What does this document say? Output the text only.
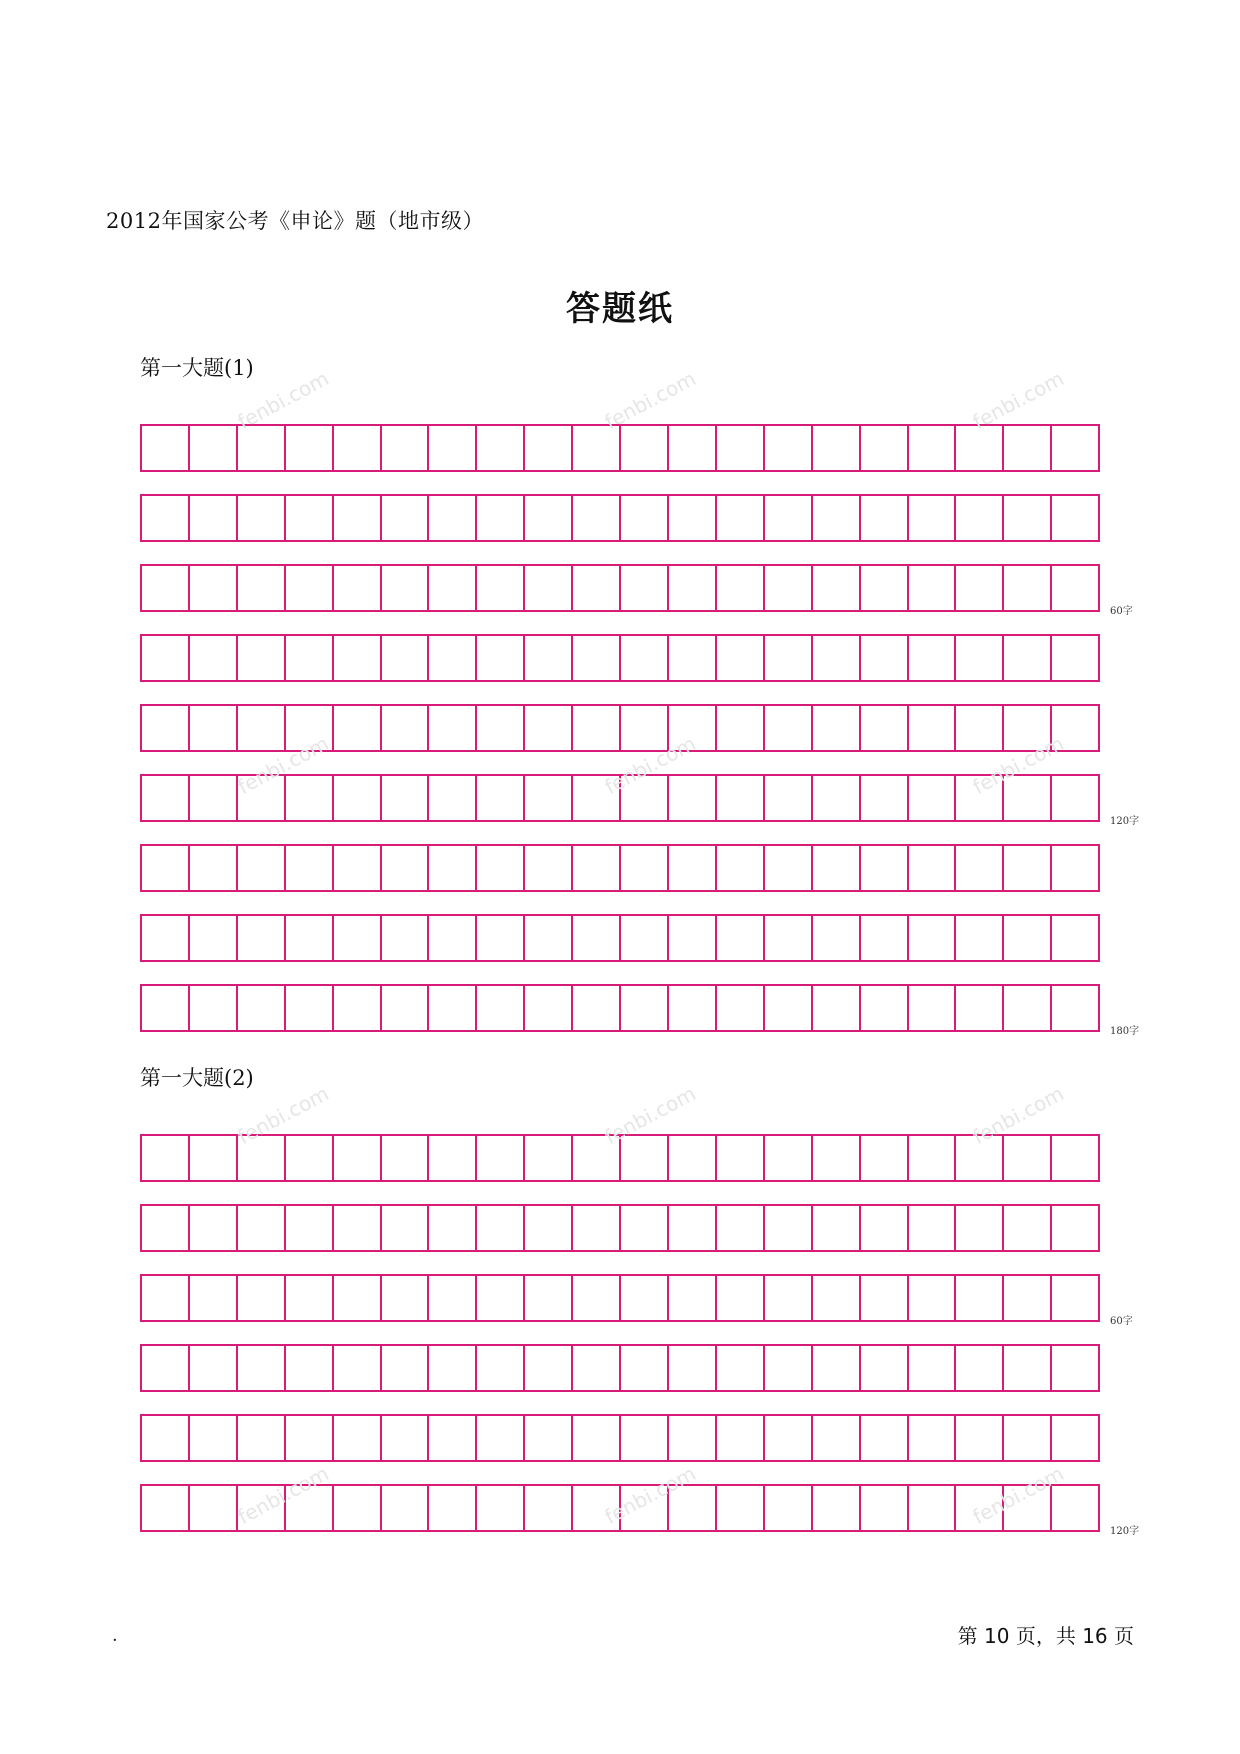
2012年国家公考《申论》题（地市级）
答题纸
第一大题(1)
60字
120字
180字
第一大题(2)
60字
120字
fenbi.com	fenbi.com	fenbi.com
fenbi.com	fenbi.com	fenbi.com
fenbi.com	fenbi.com	fenbi.com
fenbi.com	fenbi.com	fenbi.com
·	第 10 页，共 16 页
